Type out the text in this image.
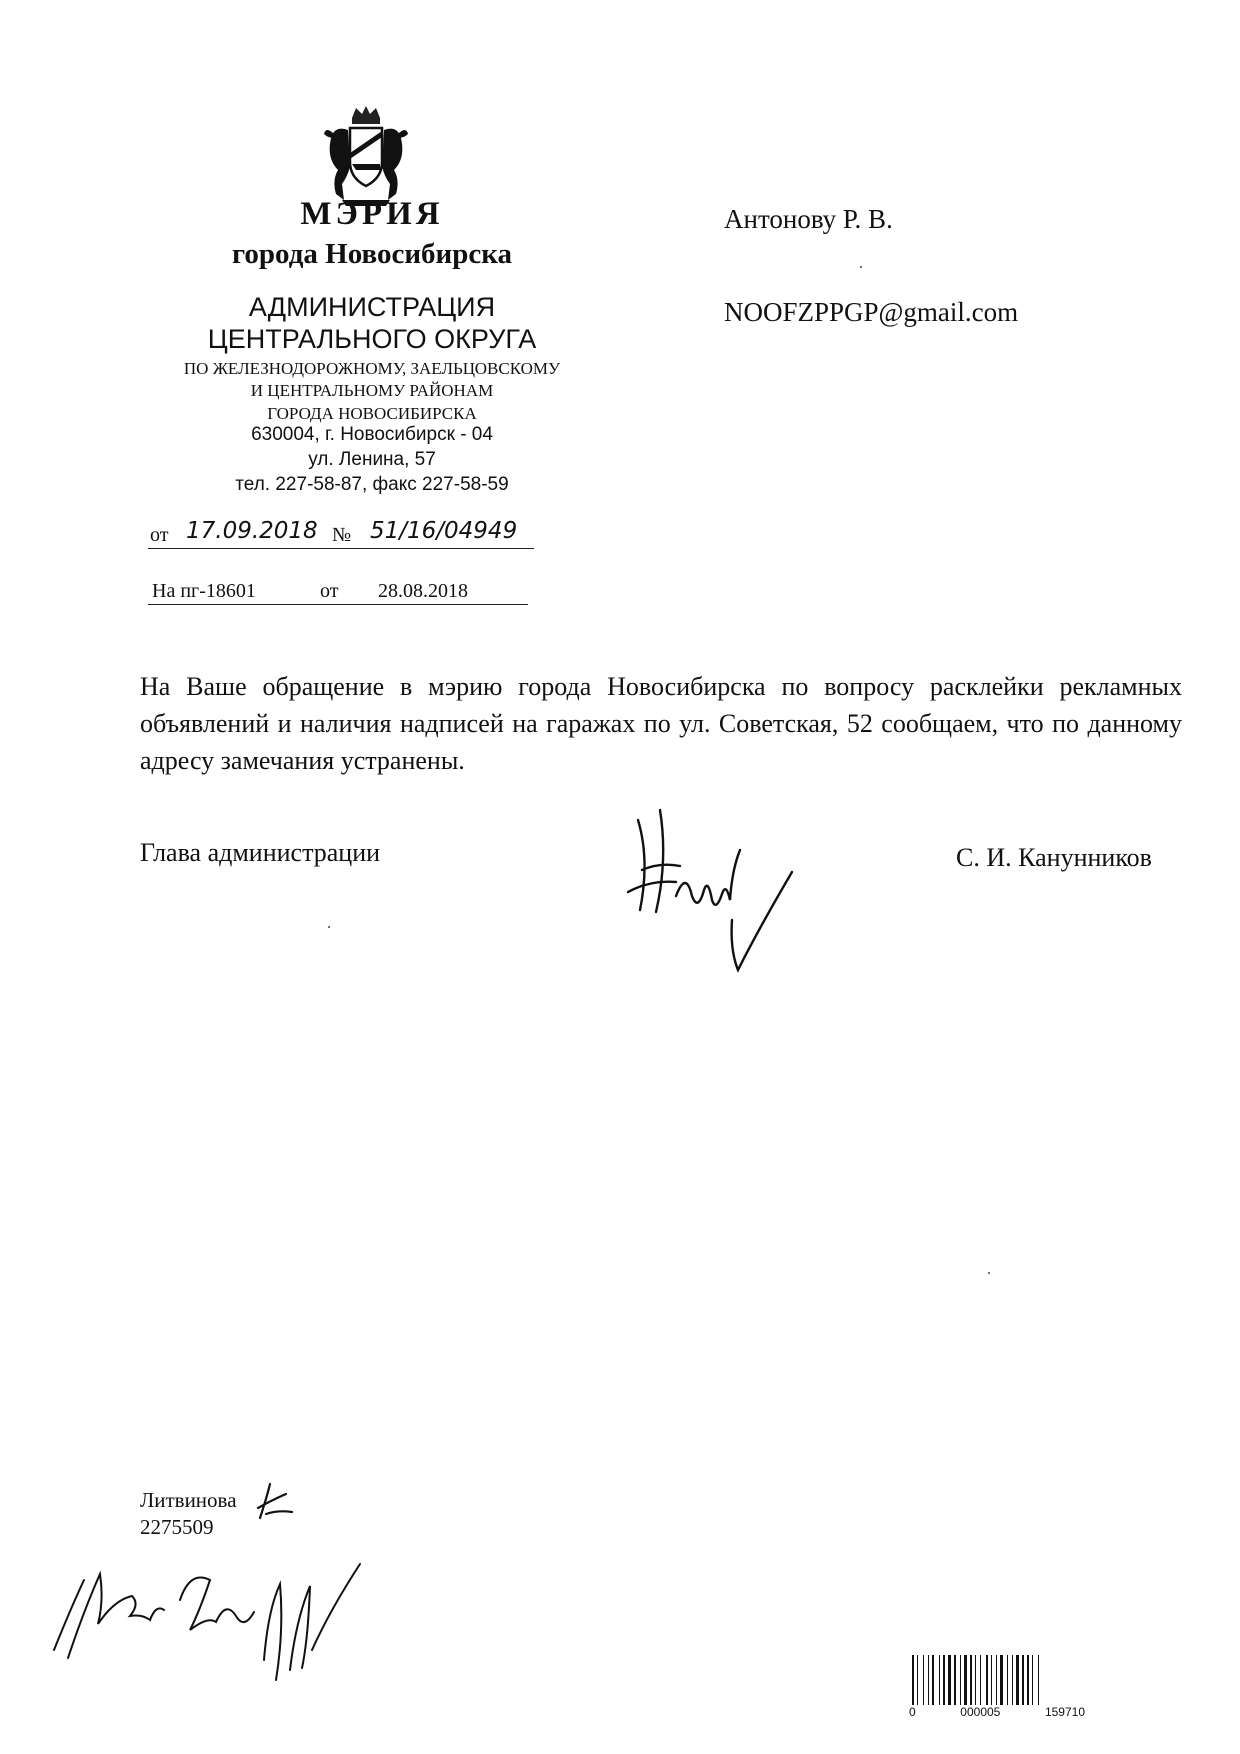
МЭРИЯ
города Новосибирска
АДМИНИСТРАЦИЯ
ЦЕНТРАЛЬНОГО ОКРУГА
ПО ЖЕЛЕЗНОДОРОЖНОМУ, ЗАЕЛЬЦОВСКОМУ
И ЦЕНТРАЛЬНОМУ РАЙОНАМ
ГОРОДА НОВОСИБИРСКА
630004, г. Новосибирск - 04
ул. Ленина, 57
тел. 227-58-87, факс 227-58-59
от 17.09.2018 № 51/16/04949
На пг-18601	от 28.08.2018
Антонову Р. В.
NOOFZPPGP@gmail.com
На Ваше обращение в мэрию города Новосибирска по вопросу расклейки рекламных объявлений и наличия надписей на гаражах по ул. Советская, 52 сообщаем, что по данному адресу замечания устранены.
Глава администрации	С. И. Канунников
Литвинова
2275509
0	000005	159710
